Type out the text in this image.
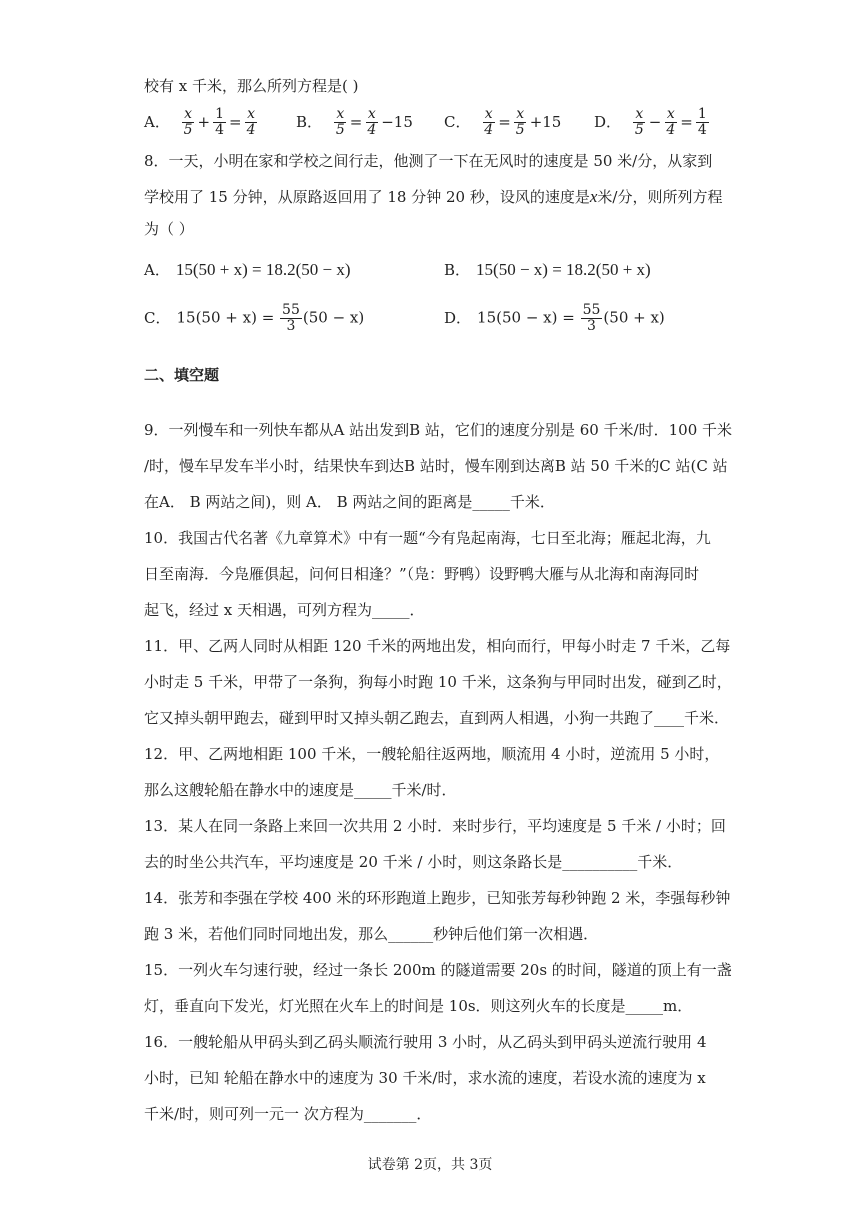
校有 x 千米，那么所列方程是( )
A． $\frac{x}{5} + \frac{1}{4} = \frac{x}{4}$	B． $\frac{x}{5} = \frac{x}{4} -15$ C． $\frac{x}{4} = \frac{x}{5} +15$ D． $\frac{x}{5} - \frac{x}{4} = \frac{1}{4}$
8．一天，小明在家和学校之间行走，他测了一下在无风时的速度是 50 米/分，从家到
学校用了 15 分钟，从原路返回用了 18 分钟 20 秒，设风的速度是x米/分，则所列方程
为（ ）
A． 15(50 + x) = 18.2(50 − x)	B． 15(50 − x) = 18.2(50 + x)
C． $15(50 + x) = \frac{55}{3} (50 - x)$	D． $15(50 - x) = \frac{55}{3} (50 + x)$
二、填空题
9．一列慢车和一列快车都从A 站出发到B 站，它们的速度分别是 60 千米/时．100 千米
/时，慢车早发车半小时，结果快车到达B 站时，慢车刚到达离B 站 50 千米的C 站(C 站
在A． B 两站之间)，则 A． B 两站之间的距离是_____千米．
10．我国古代名著《九章算术》中有一题“今有凫起南海，七日至北海；雁起北海，九
日至南海．今凫雁俱起，问何日相逢？”（凫：野鸭）设野鸭大雁与从北海和南海同时
起飞，经过 x 天相遇，可列方程为_____．
11．甲、乙两人同时从相距 120 千米的两地出发，相向而行，甲每小时走 7 千米，乙每
小时走 5 千米，甲带了一条狗，狗每小时跑 10 千米，这条狗与甲同时出发，碰到乙时，
它又掉头朝甲跑去，碰到甲时又掉头朝乙跑去，直到两人相遇，小狗一共跑了____千米．
12．甲、乙两地相距 100 千米，一艘轮船往返两地，顺流用 4 小时，逆流用 5 小时，
那么这艘轮船在静水中的速度是_____千米/时．
13．某人在同一条路上来回一次共用 2 小时．来时步行，平均速度是 5 千米 / 小时；回
去的时坐公共汽车，平均速度是 20 千米 / 小时，则这条路长是__________千米．
14．张芳和李强在学校 400 米的环形跑道上跑步，已知张芳每秒钟跑 2 米，李强每秒钟
跑 3 米，若他们同时同地出发，那么______秒钟后他们第一次相遇．
15．一列火车匀速行驶，经过一条长 200m 的隧道需要 20s 的时间，隧道的顶上有一盏
灯，垂直向下发光，灯光照在火车上的时间是 10s．则这列火车的长度是_____m．
16．一艘轮船从甲码头到乙码头顺流行驶用 3 小时，从乙码头到甲码头逆流行驶用 4
小时，已知 轮船在静水中的速度为 30 千米/时，求水流的速度，若设水流的速度为 x
千米/时，则可列一元一 次方程为_______．
试卷第 2页，共 3页
